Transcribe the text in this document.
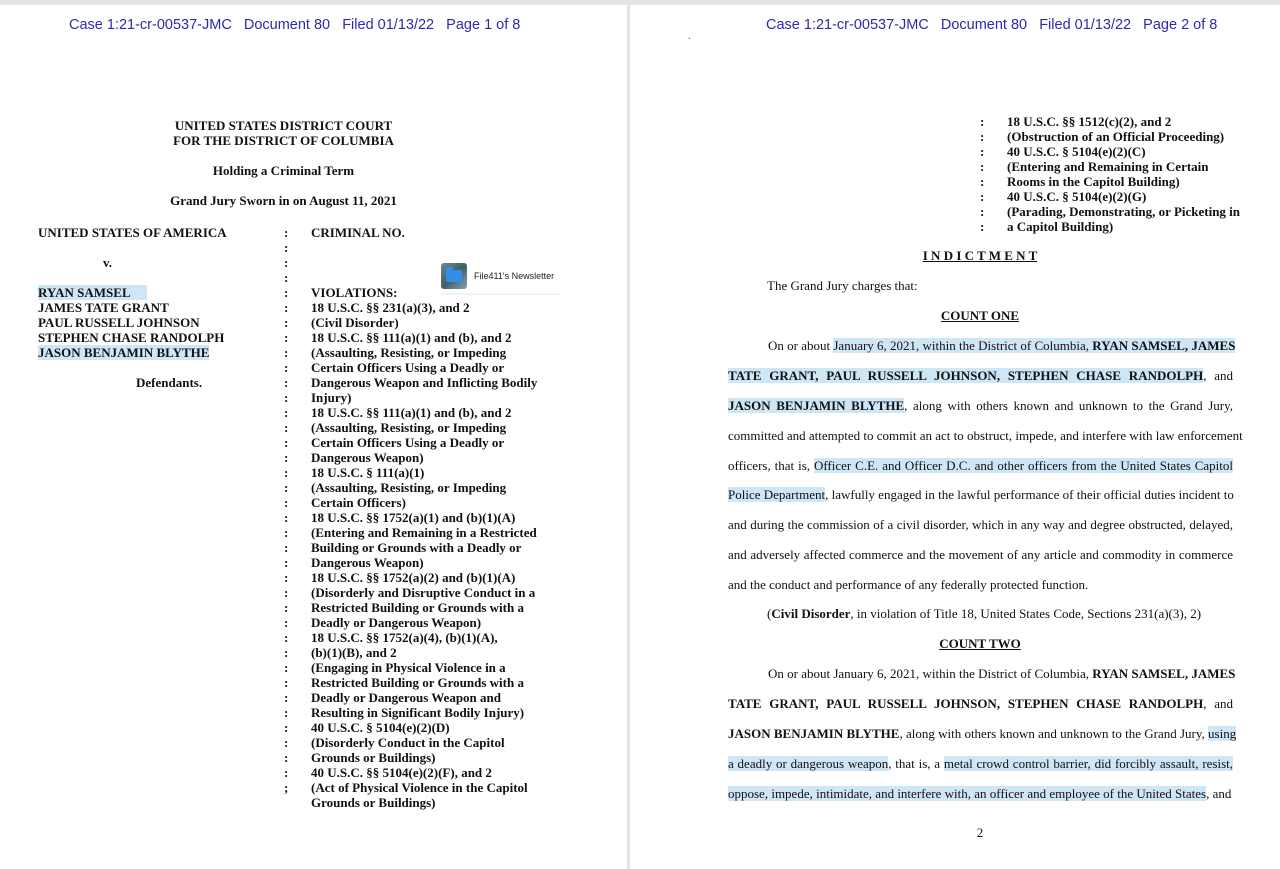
Case 1:21-cr-00537-JMC   Document 80   Filed 01/13/22   Page 1 of 8
UNITED STATES DISTRICT COURT
FOR THE DISTRICT OF COLUMBIA
Holding a Criminal Term
Grand Jury Sworn in on August 11, 2021
UNITED STATES OF AMERICA
v.
RYAN SAMSEL
JAMES TATE GRANT
PAUL RUSSELL JOHNSON
STEPHEN CHASE RANDOLPH
JASON BENJAMIN BLYTHE
Defendants.
:
:
:
:
:
:
:
:
:
:
:
:
:
:
:
:
:
:
:
:
:
:
:
:
:
:
:
:
:
:
:
:
:
:
:
:
:
;
CRIMINAL NO.
File411's Newsletter
VIOLATIONS:
18 U.S.C. §§ 231(a)(3), and 2
(Civil Disorder)
18 U.S.C. §§ 111(a)(1) and (b), and 2
(Assaulting, Resisting, or Impeding
Certain Officers Using a Deadly or
Dangerous Weapon and Inflicting Bodily
Injury)
18 U.S.C. §§ 111(a)(1) and (b), and 2
(Assaulting, Resisting, or Impeding
Certain Officers Using a Deadly or
Dangerous Weapon)
18 U.S.C. § 111(a)(1)
(Assaulting, Resisting, or Impeding
Certain Officers)
18 U.S.C. §§ 1752(a)(1) and (b)(1)(A)
(Entering and Remaining in a Restricted
Building or Grounds with a Deadly or
Dangerous Weapon)
18 U.S.C. §§ 1752(a)(2) and (b)(1)(A)
(Disorderly and Disruptive Conduct in a
Restricted Building or Grounds with a
Deadly or Dangerous Weapon)
18 U.S.C. §§ 1752(a)(4), (b)(1)(A),
(b)(1)(B), and 2
(Engaging in Physical Violence in a
Restricted Building or Grounds with a
Deadly or Dangerous Weapon and
Resulting in Significant Bodily Injury)
40 U.S.C. § 5104(e)(2)(D)
(Disorderly Conduct in the Capitol
Grounds or Buildings)
40 U.S.C. §§ 5104(e)(2)(F), and 2
(Act of Physical Violence in the Capitol
Grounds or Buildings)
Case 1:21-cr-00537-JMC   Document 80   Filed 01/13/22   Page 2 of 8
.
:
:
:
:
:
:
:
:
18 U.S.C. §§ 1512(c)(2), and 2
(Obstruction of an Official Proceeding)
40 U.S.C. § 5104(e)(2)(C)
(Entering and Remaining in Certain
Rooms in the Capitol Building)
40 U.S.C. § 5104(e)(2)(G)
(Parading, Demonstrating, or Picketing in
a Capitol Building)
I N D I C T M E N T
The Grand Jury charges that:
COUNT ONE
On or about January 6, 2021, within the District of Columbia, RYAN SAMSEL, JAMES
TATE GRANT, PAUL RUSSELL JOHNSON, STEPHEN CHASE RANDOLPH, and
JASON BENJAMIN BLYTHE, along with others known and unknown to the Grand Jury,
committed and attempted to commit an act to obstruct, impede, and interfere with law enforcement
officers, that is, Officer C.E. and Officer D.C. and other officers from the United States Capitol
Police Department, lawfully engaged in the lawful performance of their official duties incident to
and during the commission of a civil disorder, which in any way and degree obstructed, delayed,
and adversely affected commerce and the movement of any article and commodity in commerce
and the conduct and performance of any federally protected function.
(Civil Disorder, in violation of Title 18, United States Code, Sections 231(a)(3), 2)
COUNT TWO
On or about January 6, 2021, within the District of Columbia, RYAN SAMSEL, JAMES
TATE GRANT, PAUL RUSSELL JOHNSON, STEPHEN CHASE RANDOLPH, and
JASON BENJAMIN BLYTHE, along with others known and unknown to the Grand Jury, using
a deadly or dangerous weapon, that is, a metal crowd control barrier, did forcibly assault, resist,
oppose, impede, intimidate, and interfere with, an officer and employee of the United States, and
2
